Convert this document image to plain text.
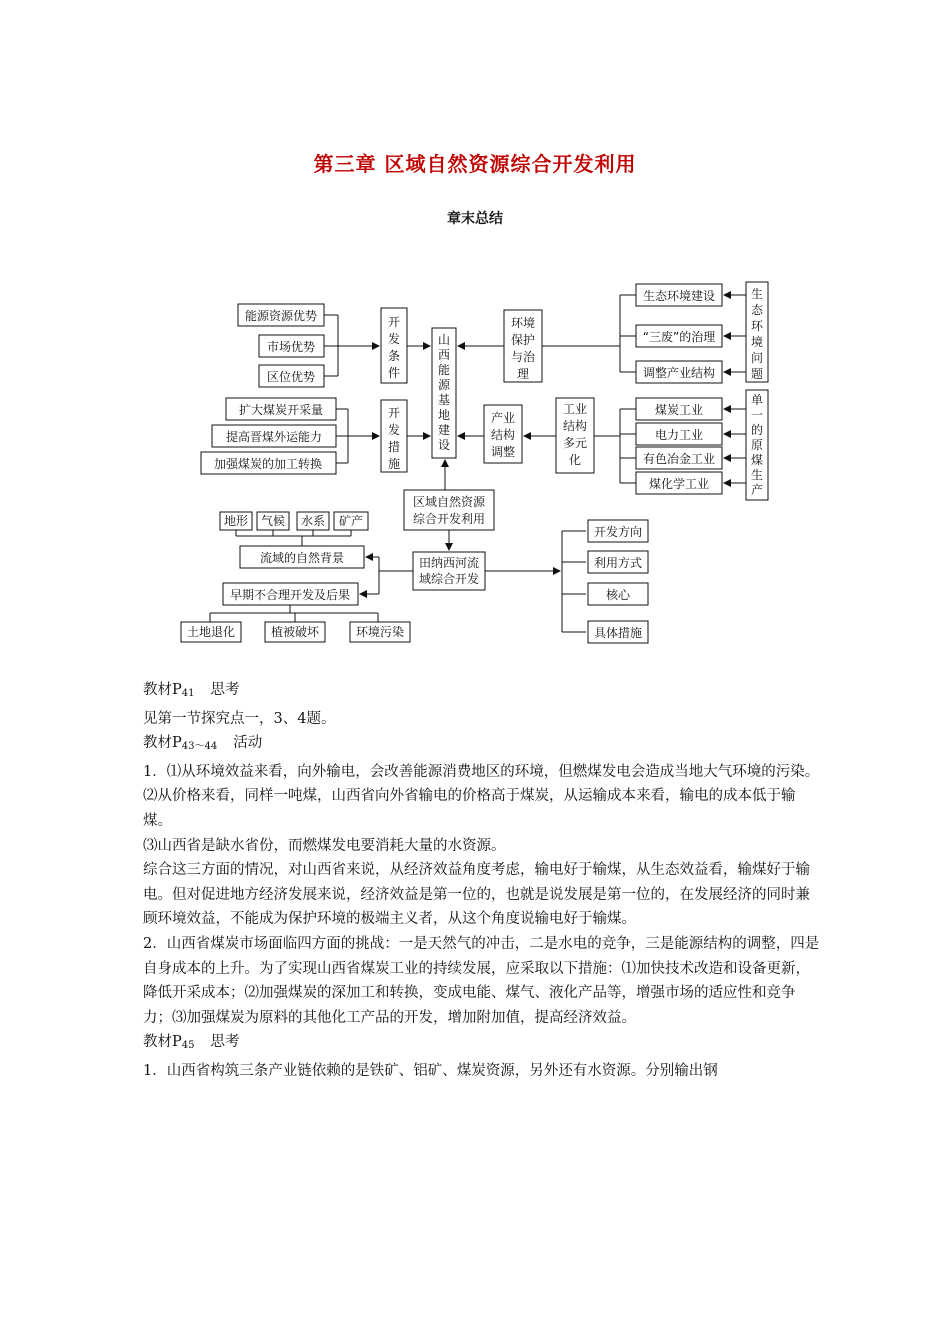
第三章 区域自然资源综合开发利用
章末总结
能源资源优势
市场优势
区位优势
开
发
条
件
扩大煤炭开采量
提高晋煤外运能力
加强煤炭的加工转换
开
发
措
施
山
西
能
源
基
地
建
设
环境
保护
与治
理
生态环境建设
“三废”的治理
调整产业结构
生
态
环
境
问
题
产业
结构
调整
工业
结构
多元
化
煤炭工业
电力工业
有色冶金工业
煤化学工业
单
一
的
原
煤
生
产
区域自然资源
综合开发利用
田纳西河流
域综合开发
地形 气候 水系 矿产
流域的自然背景
早期不合理开发及后果
土地退化	植被破坏	环境污染
开发方向
利用方式
核心
具体措施

教材$P_{41}$ 思考

见第一节探究点一，3、4题。

教材$P_{43\sim 44}$ 活动

1．⑴从环境效益来看，向外输电，会改善能源消费地区的环境，但燃煤发电会造成当地大气环境的污染。

⑵从价格来看，同样一吨煤，山西省向外省输电的价格高于煤炭，从运输成本来看，输电的成本低于输煤。

⑶山西省是缺水省份，而燃煤发电要消耗大量的水资源。

综合这三方面的情况，对山西省来说，从经济效益角度考虑，输电好于输煤，从生态效益看，输煤好于输电。但对促进地方经济发展来说，经济效益是第一位的，也就是说发展是第一位的，在发展经济的同时兼顾环境效益，不能成为保护环境的极端主义者，从这个角度说输电好于输煤。

2．山西省煤炭市场面临四方面的挑战：一是天然气的冲击，二是水电的竞争，三是能源结构的调整，四是自身成本的上升。为了实现山西省煤炭工业的持续发展，应采取以下措施：⑴加快技术改造和设备更新，降低开采成本；⑵加强煤炭的深加工和转换，变成电能、煤气、液化产品等，增强市场的适应性和竞争力；⑶加强煤炭为原料的其他化工产品的开发，增加附加值，提高经济效益。

教材$P_{45}$ 思考

1．山西省构筑三条产业链依赖的是铁矿、铝矿、煤炭资源，另外还有水资源。分别输出钢
